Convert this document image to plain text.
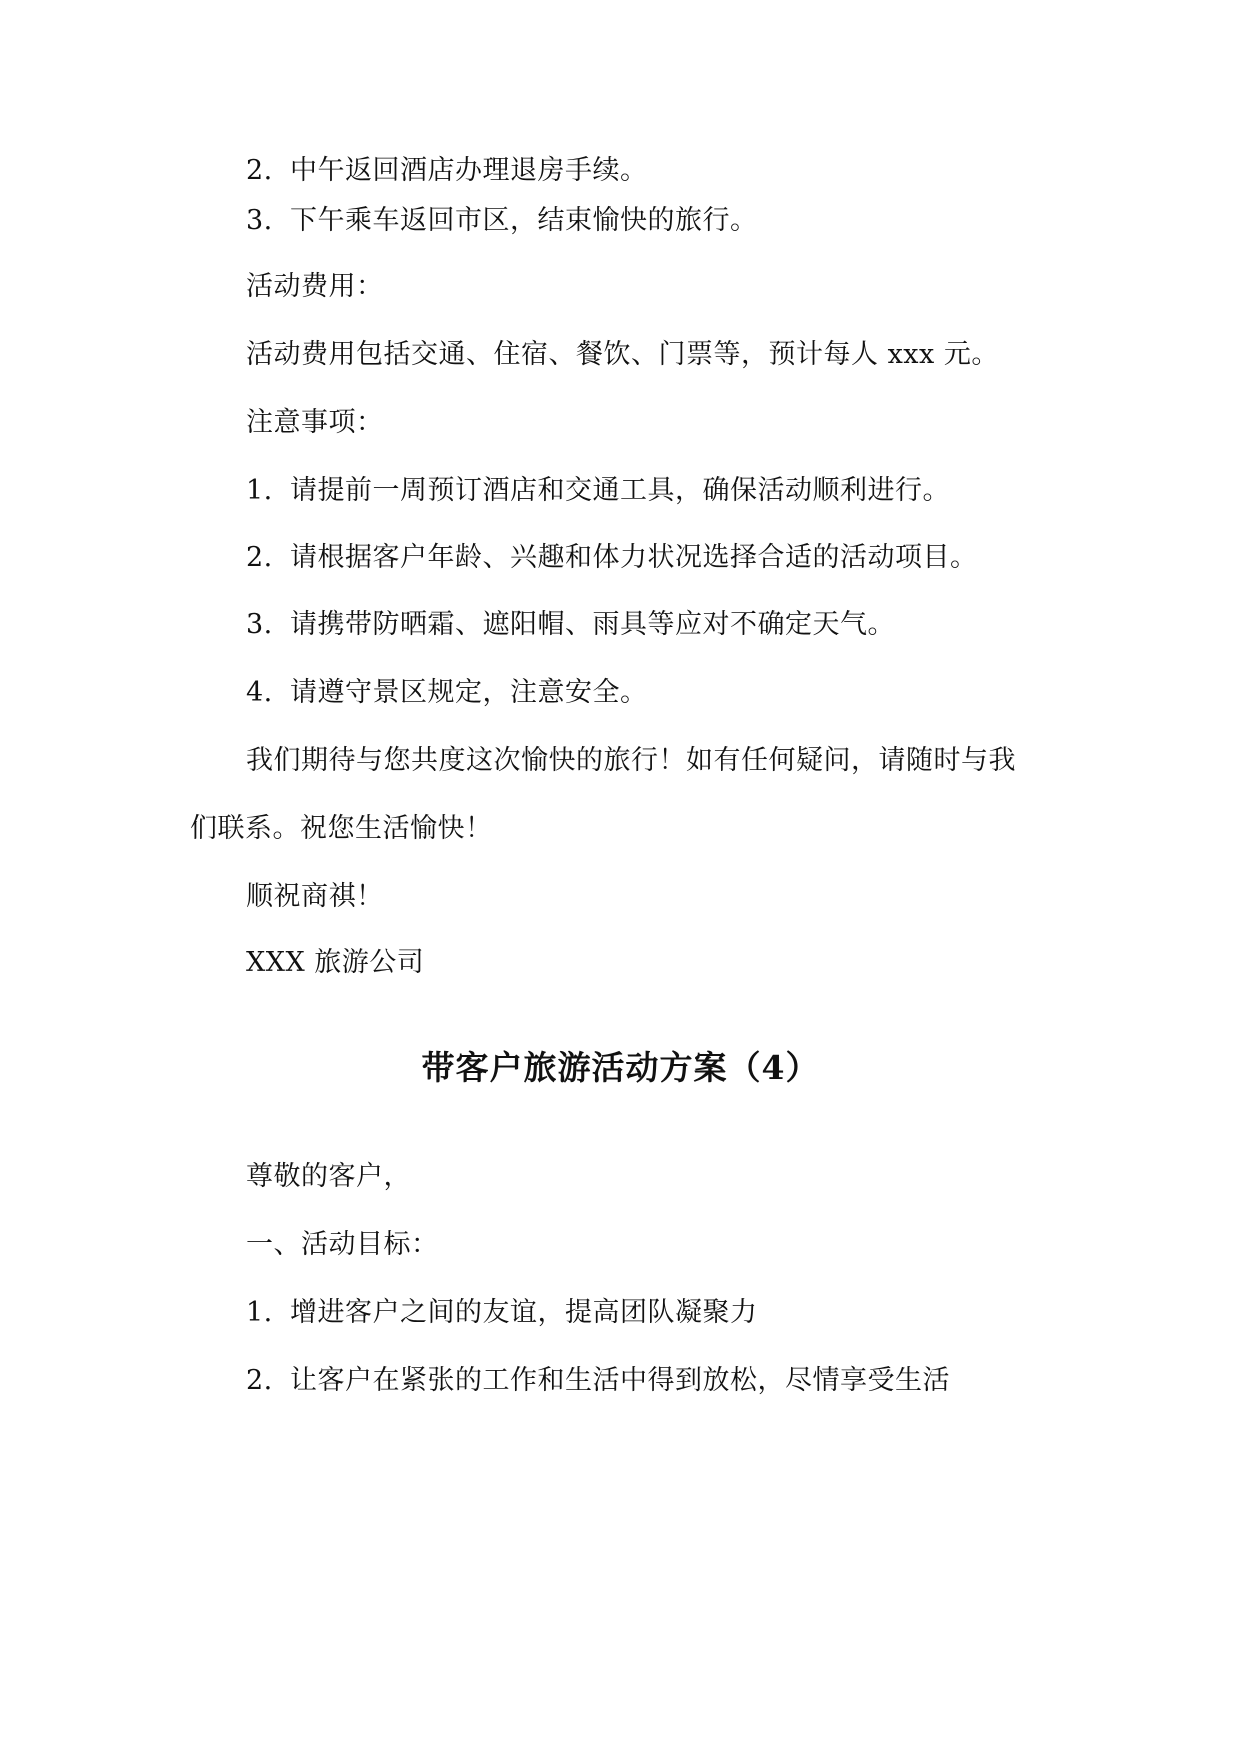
2. 中午返回酒店办理退房手续。
3. 下午乘车返回市区，结束愉快的旅行。
活动费用：
活动费用包括交通、住宿、餐饮、门票等，预计每人 xxx 元。
注意事项：
1. 请提前一周预订酒店和交通工具，确保活动顺利进行。
2. 请根据客户年龄、兴趣和体力状况选择合适的活动项目。
3. 请携带防晒霜、遮阳帽、雨具等应对不确定天气。
4. 请遵守景区规定，注意安全。
我们期待与您共度这次愉快的旅行！如有任何疑问，请随时与我
们联系。祝您生活愉快！
顺祝商祺！
XXX 旅游公司
带客户旅游活动方案（4）
尊敬的客户，
一、活动目标：
1. 增进客户之间的友谊，提高团队凝聚力
2. 让客户在紧张的工作和生活中得到放松，尽情享受生活
